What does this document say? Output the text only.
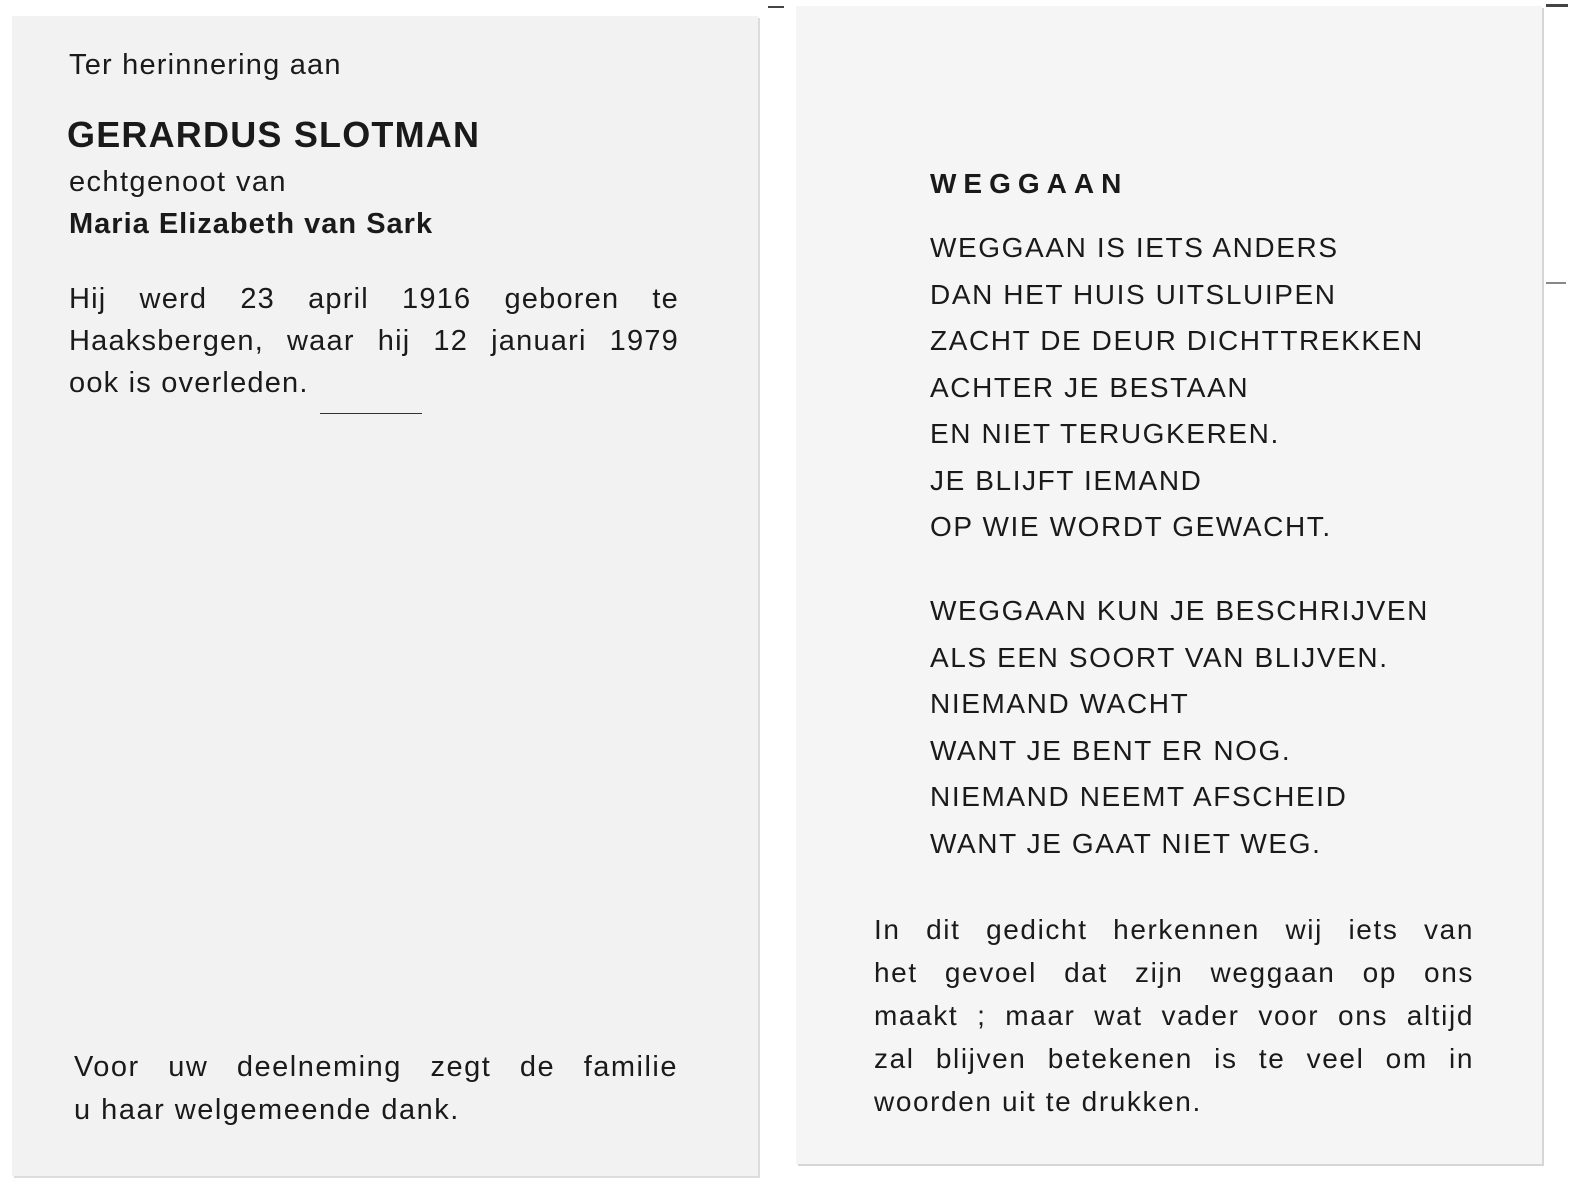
Ter herinnering aan

GERARDUS SLOTMAN

echtgenoot van

Maria Elizabeth van Sark

Hij werd 23 april 1916 geboren te
Haaksbergen, waar hij 12 januari 1979
ook is overleden.
Voor uw deelneming zegt de familie
u haar welgemeende dank.

WEGGAAN

WEGGAAN IS IETS ANDERS
DAN HET HUIS UITSLUIPEN
ZACHT DE DEUR DICHTTREKKEN
ACHTER JE BESTAAN
EN NIET TERUGKEREN.
JE BLIJFT IEMAND
OP WIE WORDT GEWACHT.
WEGGAAN KUN JE BESCHRIJVEN
ALS EEN SOORT VAN BLIJVEN.
NIEMAND WACHT
WANT JE BENT ER NOG.
NIEMAND NEEMT AFSCHEID
WANT JE GAAT NIET WEG.
In dit gedicht herkennen wij iets van
het gevoel dat zijn weggaan op ons
maakt ; maar wat vader voor ons altijd
zal blijven betekenen is te veel om in
woorden uit te drukken.
